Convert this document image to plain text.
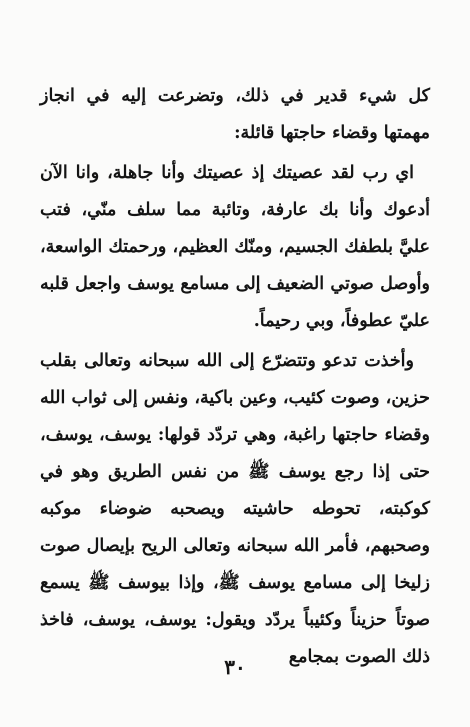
كل شيء قدير في ذلك، وتضرعت إليه في انجاز مهمتها وقضاء حاجتها قائلة:

اي رب لقد عصيتك إذ عصيتك وأنا جاهلة، وانا الآن أدعوك وأنا بك عارفة، وتائبة مما سلف منّي، فتب عليَّ بلطفك الجسيم، ومنّك العظيم، ورحمتك الواسعة، وأوصل صوتي الضعيف إلى مسامع يوسف واجعل قلبه عليّ عطوفاً، وبي رحيماً.

وأخذت تدعو وتتضرّع إلى الله سبحانه وتعالى بقلب حزين، وصوت كئيب، وعين باكية، ونفس إلى ثواب الله وقضاء حاجتها راغبة، وهي تردّد قولها: يوسف، يوسف، حتى إذا رجع يوسف ﷺ من نفس الطريق وهو في كوكبته، تحوطه حاشيته ويصحبه ضوضاء موكبه وصحبهم، فأمر الله سبحانه وتعالى الريح بإيصال صوت زليخا إلى مسامع يوسف ﷺ، وإذا بيوسف ﷺ يسمع صوتاً حزيناً وكئيباً يردّد ويقول: يوسف، يوسف، فاخذ ذلك الصوت بمجامع

٣٠
